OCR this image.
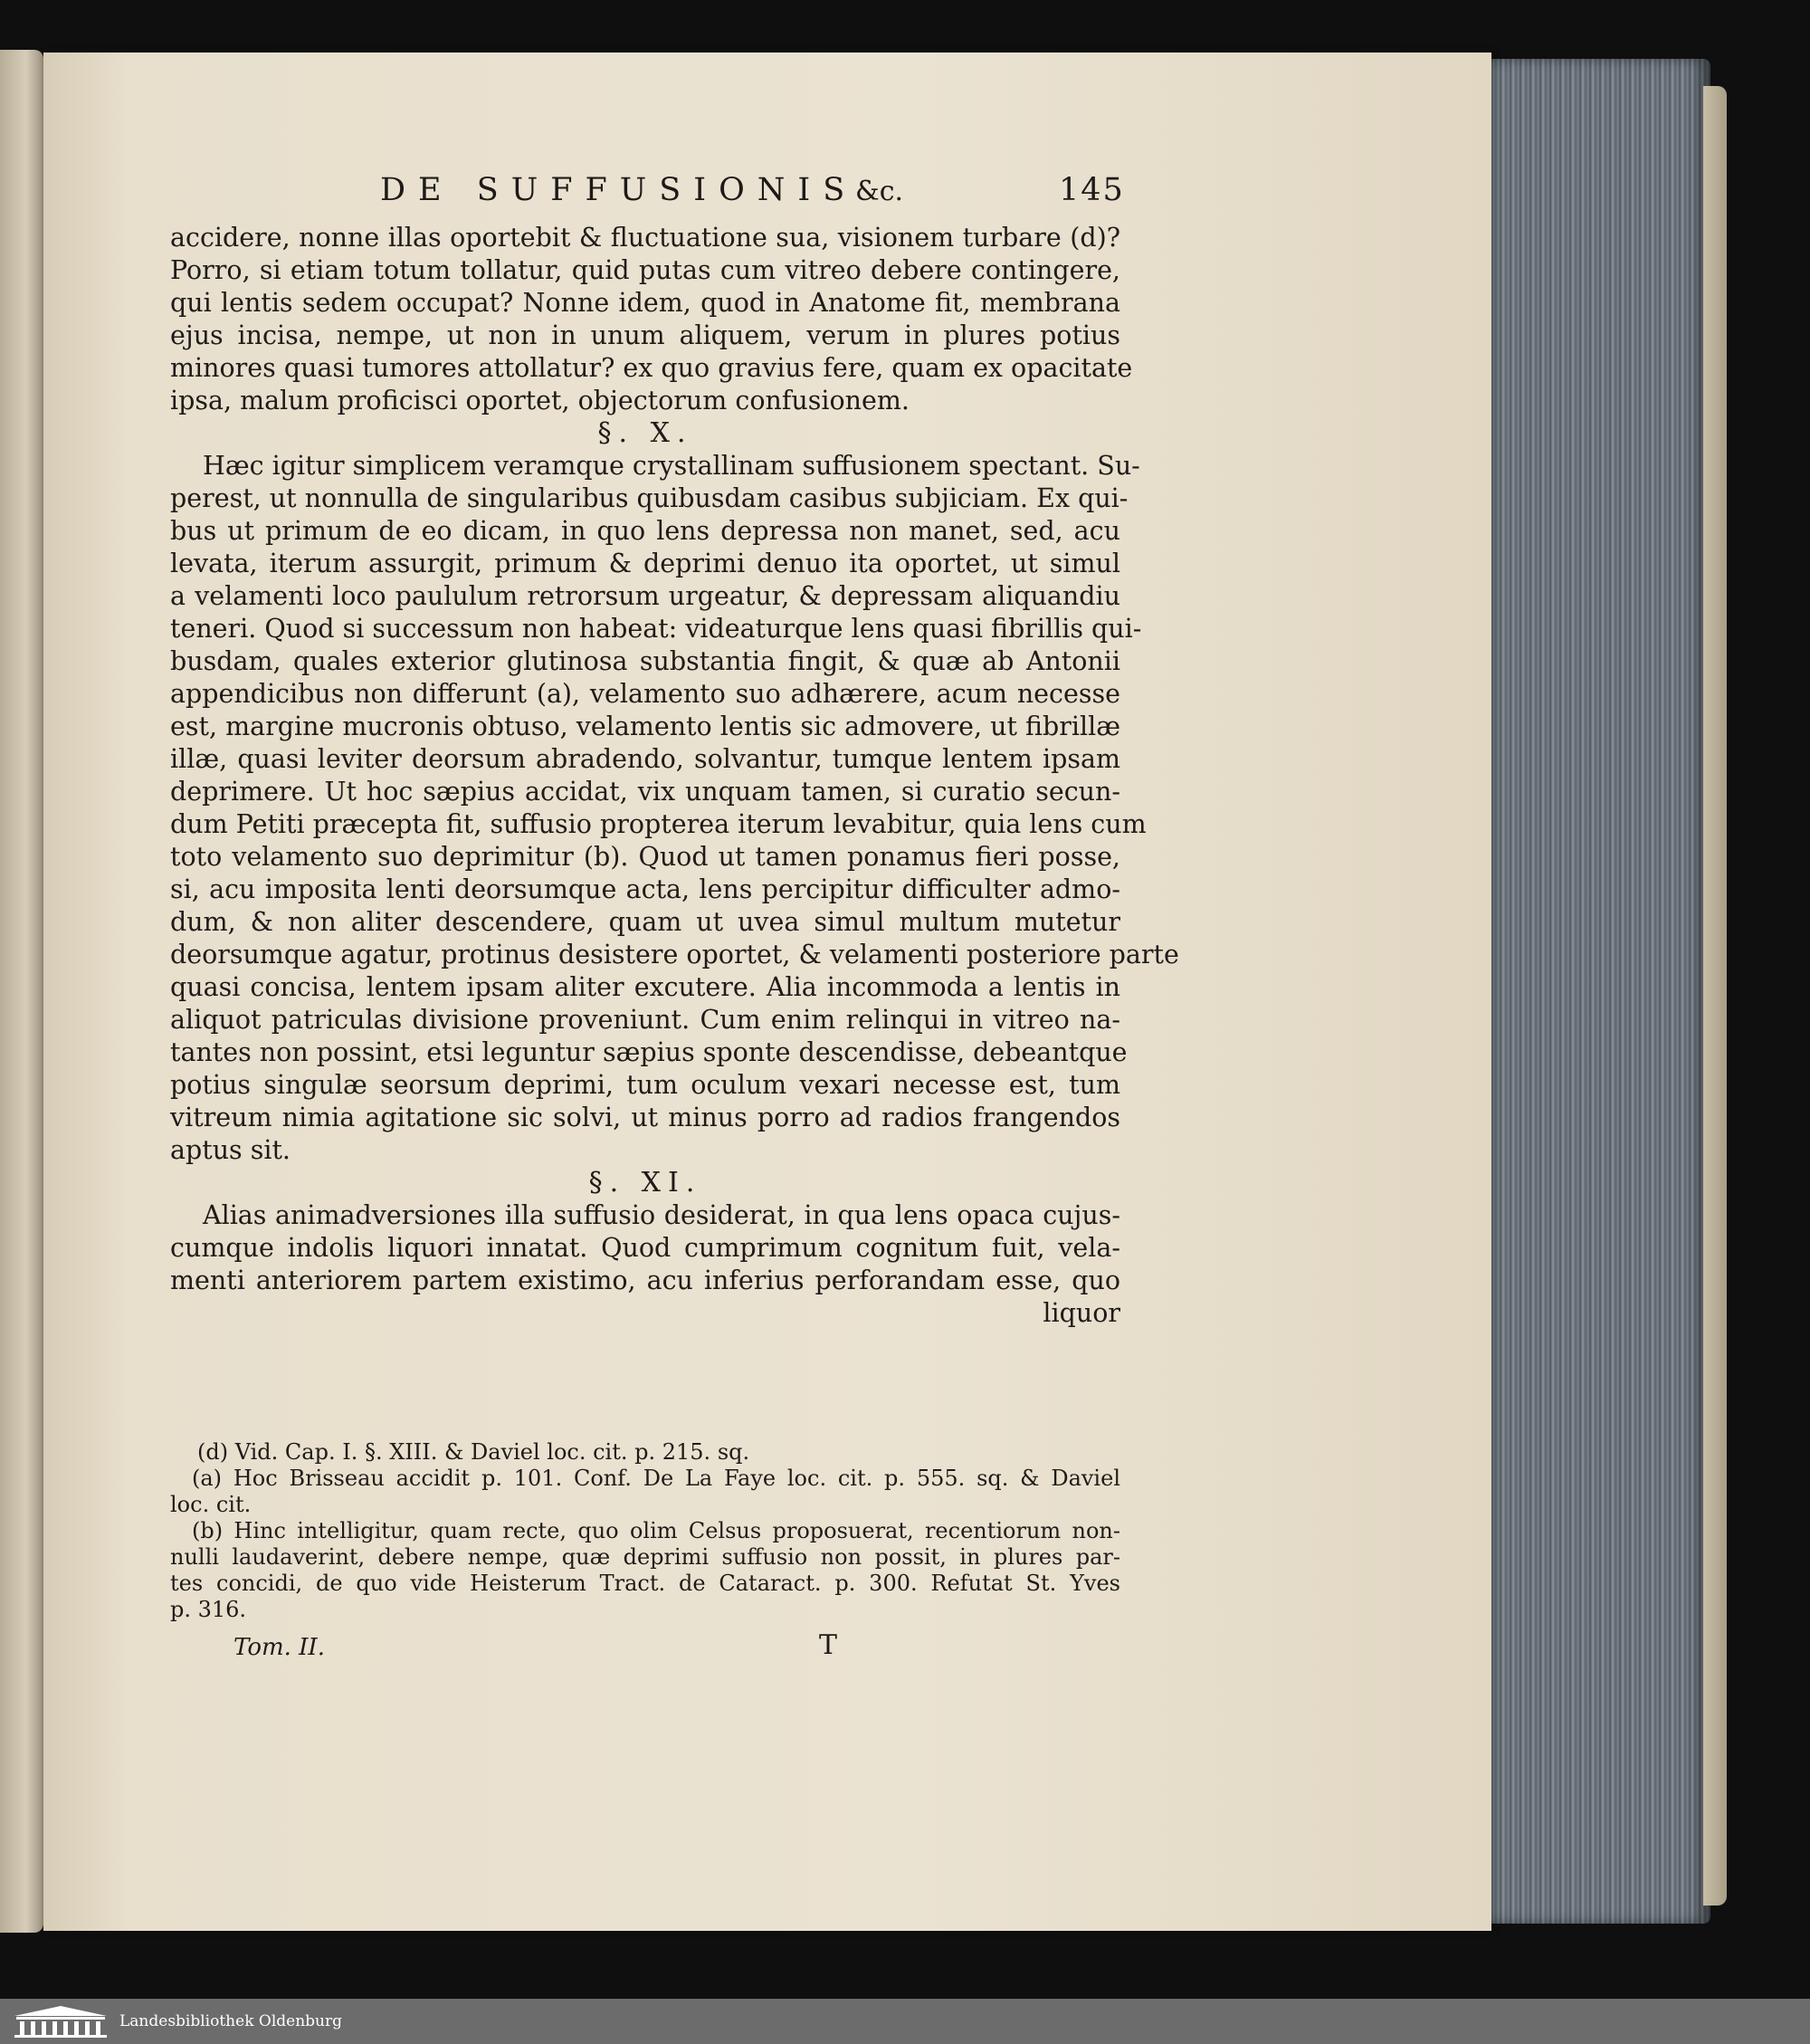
DE SUFFUSIONIS
&c.	145

accidere, nonne illas oportebit & fluctuatione sua, visionem turbare (d)?
Porro, si etiam totum tollatur, quid putas cum vitreo debere contingere,
qui lentis sedem occupat? Nonne idem, quod in Anatome fit, membrana
ejus incisa, nempe, ut non in unum aliquem, verum in plures potius
minores quasi tumores attollatur? ex quo gravius fere, quam ex opacitate
ipsa, malum proficisci oportet, objectorum confusionem.

§. X.

Hæc igitur simplicem veramque crystallinam suffusionem spectant. Su-
perest, ut nonnulla de singularibus quibusdam casibus subjiciam. Ex qui-
bus ut primum de eo dicam, in quo lens depressa non manet, sed, acu
levata, iterum assurgit, primum & deprimi denuo ita oportet, ut simul
a velamenti loco paululum retrorsum urgeatur, & depressam aliquandiu
teneri. Quod si successum non habeat: videaturque lens quasi fibrillis qui-
busdam, quales exterior glutinosa substantia fingit, & quæ ab Antonii
appendicibus non differunt (a), velamento suo adhærere, acum necesse
est, margine mucronis obtuso, velamento lentis sic admovere, ut fibrillæ
illæ, quasi leviter deorsum abradendo, solvantur, tumque lentem ipsam
deprimere. Ut hoc sæpius accidat, vix unquam tamen, si curatio secun-
dum Petiti præcepta fit, suffusio propterea iterum levabitur, quia lens cum
toto velamento suo deprimitur (b). Quod ut tamen ponamus fieri posse,
si, acu imposita lenti deorsumque acta, lens percipitur difficulter admo-
dum, & non aliter descendere, quam ut uvea simul multum mutetur
deorsumque agatur, protinus desistere oportet, & velamenti posteriore parte
quasi concisa, lentem ipsam aliter excutere. Alia incommoda a lentis in
aliquot patriculas divisione proveniunt. Cum enim relinqui in vitreo na-
tantes non possint, etsi leguntur sæpius sponte descendisse, debeantque
potius singulæ seorsum deprimi, tum oculum vexari necesse est, tum
vitreum nimia agitatione sic solvi, ut minus porro ad radios frangendos
aptus sit.

§. XI.

Alias animadversiones illa suffusio desiderat, in qua lens opaca cujus-
cumque indolis liquori innatat. Quod cumprimum cognitum fuit, vela-
menti anteriorem partem existimo, acu inferius perforandam esse, quo
liquor

(d) Vid. Cap. I. §. XIII. & Daviel loc. cit. p. 215. sq.
(a) Hoc Brisseau accidit p. 101. Conf. De La Faye loc. cit. p. 555. sq. & Daviel
loc. cit.
(b) Hinc intelligitur, quam recte, quo olim Celsus proposuerat, recentiorum non-
nulli laudaverint, debere nempe, quæ deprimi suffusio non possit, in plures par-
tes concidi, de quo vide Heisterum Tract. de Cataract. p. 300. Refutat St. Yves
p. 316.
Tom. II.	T
Landesbibliothek Oldenburg
